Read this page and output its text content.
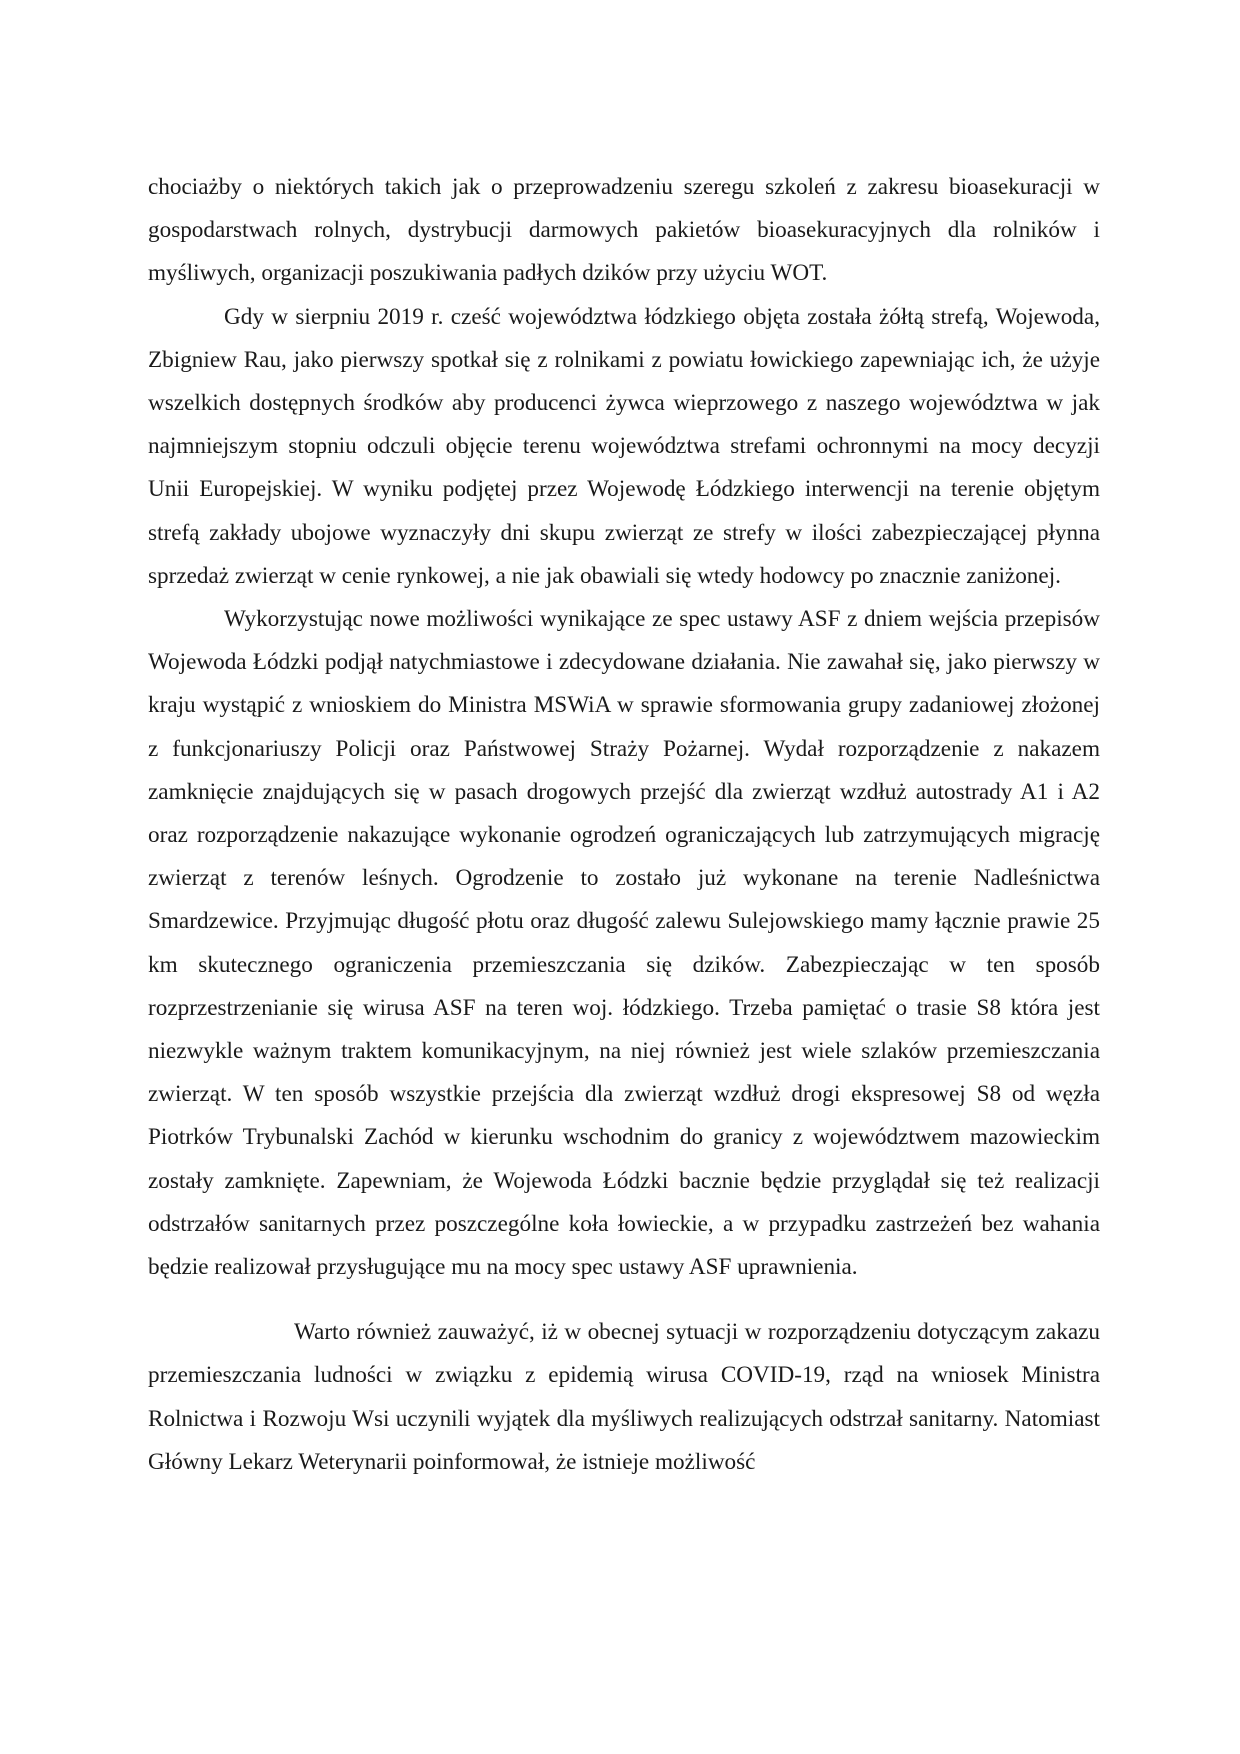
chociażby o niektórych takich jak o przeprowadzeniu szeregu szkoleń z zakresu bioasekuracji w gospodarstwach rolnych, dystrybucji darmowych pakietów bioasekuracyjnych dla rolników i myśliwych, organizacji poszukiwania padłych dzików przy użyciu WOT.

Gdy w sierpniu 2019 r. cześć województwa łódzkiego objęta została żółtą strefą, Wojewoda, Zbigniew Rau, jako pierwszy spotkał się z rolnikami z powiatu łowickiego zapewniając ich, że użyje wszelkich dostępnych środków aby producenci żywca wieprzowego z naszego województwa w jak najmniejszym stopniu odczuli objęcie terenu województwa strefami ochronnymi na mocy decyzji Unii Europejskiej. W wyniku podjętej przez Wojewodę Łódzkiego interwencji na terenie objętym strefą zakłady ubojowe wyznaczyły dni skupu zwierząt ze strefy w ilości zabezpieczającej płynna sprzedaż zwierząt w cenie rynkowej, a nie jak obawiali się wtedy hodowcy po znacznie zaniżonej.

Wykorzystując nowe możliwości wynikające ze spec ustawy ASF z dniem wejścia przepisów Wojewoda Łódzki podjął natychmiastowe i zdecydowane działania. Nie zawahał się, jako pierwszy w kraju wystąpić z wnioskiem do Ministra MSWiA w sprawie sformowania grupy zadaniowej złożonej z funkcjonariuszy Policji oraz Państwowej Straży Pożarnej. Wydał rozporządzenie z nakazem zamknięcie znajdujących się w pasach drogowych przejść dla zwierząt wzdłuż autostrady A1 i A2 oraz rozporządzenie nakazujące wykonanie ogrodzeń ograniczających lub zatrzymujących migrację zwierząt z terenów leśnych. Ogrodzenie to zostało już wykonane na terenie Nadleśnictwa Smardzewice. Przyjmując długość płotu oraz długość zalewu Sulejowskiego mamy łącznie prawie 25 km skutecznego ograniczenia przemieszczania się dzików. Zabezpieczając w ten sposób rozprzestrzenianie się wirusa ASF na teren woj. łódzkiego. Trzeba pamiętać o trasie S8 która jest niezwykle ważnym traktem komunikacyjnym, na niej również jest wiele szlaków przemieszczania zwierząt. W ten sposób wszystkie przejścia dla zwierząt wzdłuż drogi ekspresowej S8 od węzła Piotrków Trybunalski Zachód w kierunku wschodnim do granicy z województwem mazowieckim zostały zamknięte. Zapewniam, że Wojewoda Łódzki bacznie będzie przyglądał się też realizacji odstrzałów sanitarnych przez poszczególne koła łowieckie, a w przypadku zastrzeżeń bez wahania będzie realizował przysługujące mu na mocy spec ustawy ASF uprawnienia.

Warto również zauważyć, iż w obecnej sytuacji w rozporządzeniu dotyczącym zakazu przemieszczania ludności w związku z epidemią wirusa COVID-19, rząd na wniosek Ministra Rolnictwa i Rozwoju Wsi uczynili wyjątek dla myśliwych realizujących odstrzał sanitarny. Natomiast Główny Lekarz Weterynarii poinformował, że istnieje możliwość
